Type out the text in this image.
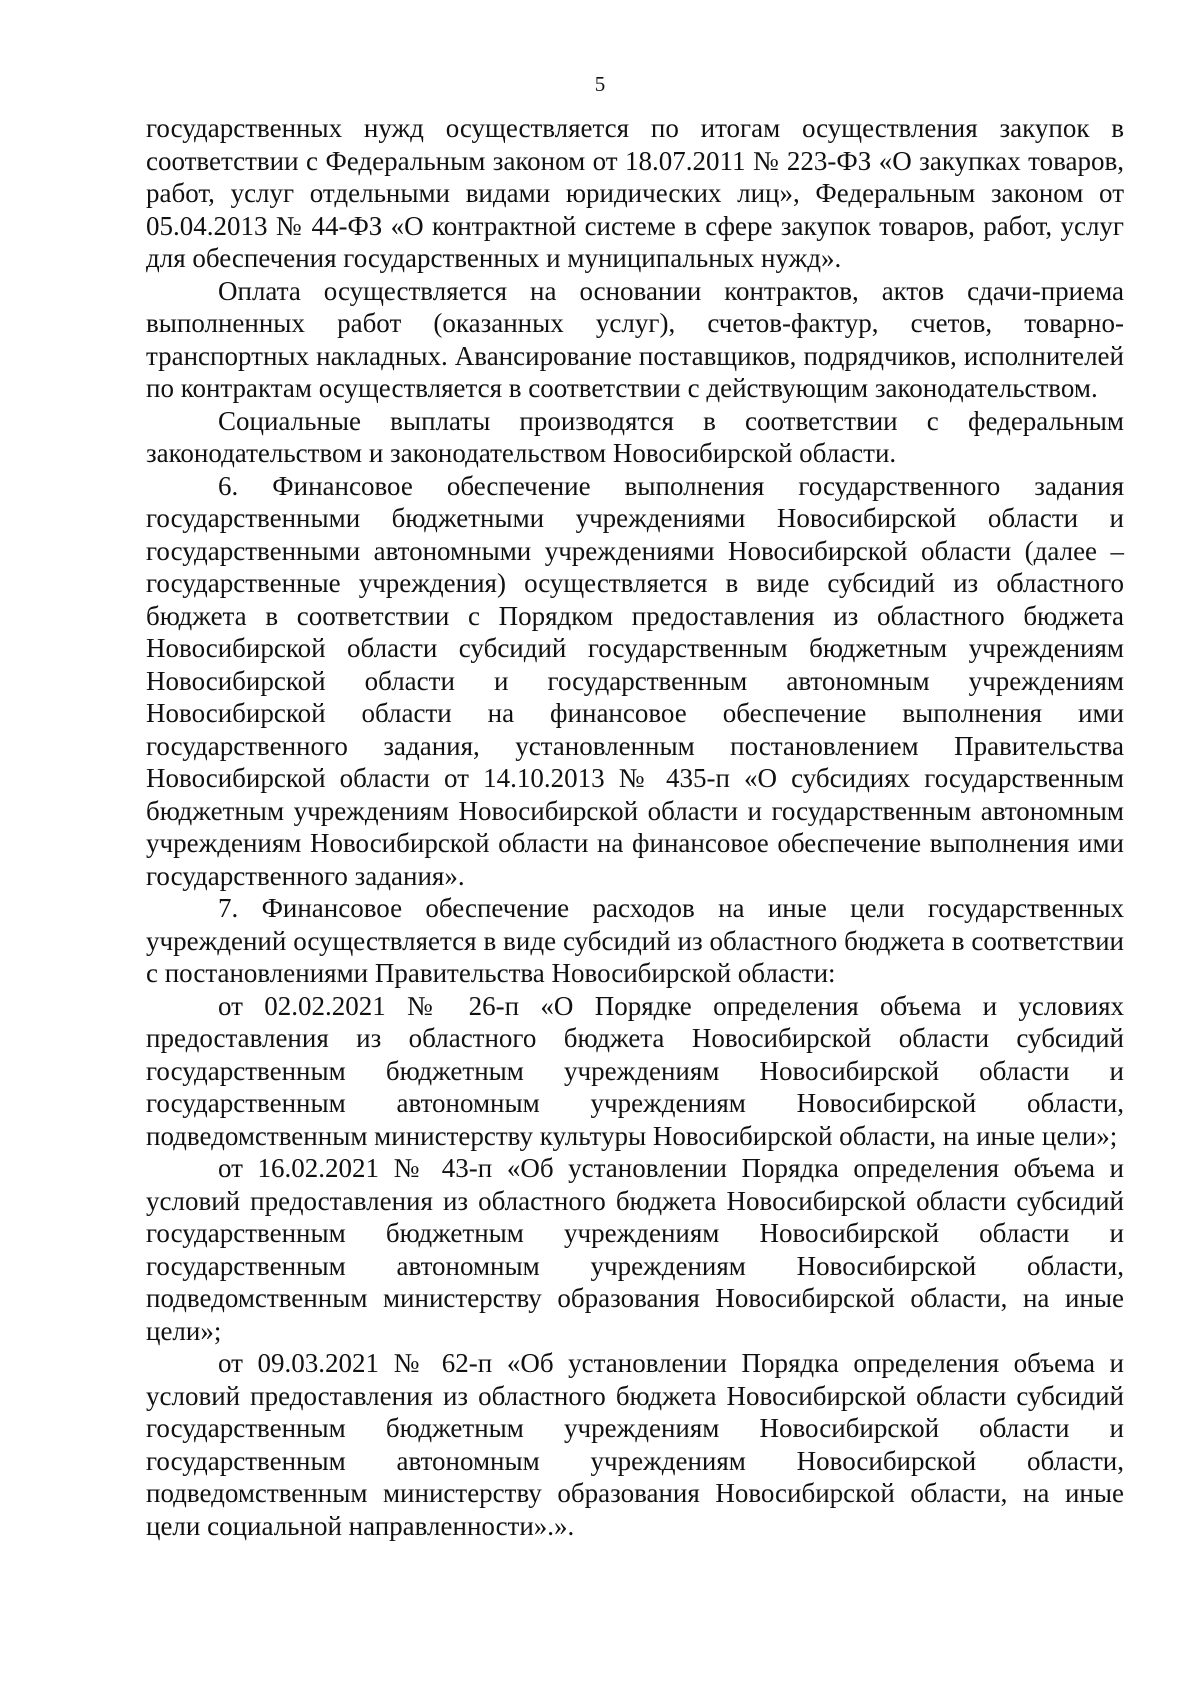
5

государственных нужд осуществляется по итогам осуществления закупок в соответствии с Федеральным законом от 18.07.2011 № 223-ФЗ «О закупках товаров, работ, услуг отдельными видами юридических лиц», Федеральным законом от 05.04.2013 № 44-ФЗ «О контрактной системе в сфере закупок товаров, работ, услуг для обеспечения государственных и муниципальных нужд».

Оплата осуществляется на основании контрактов, актов сдачи-приема выполненных работ (оказанных услуг), счетов-фактур, счетов, товарно-транспортных накладных. Авансирование поставщиков, подрядчиков, исполнителей по контрактам осуществляется в соответствии с действующим законодательством.

Социальные выплаты производятся в соответствии с федеральным законодательством и законодательством Новосибирской области.

6. Финансовое обеспечение выполнения государственного задания государственными бюджетными учреждениями Новосибирской области и государственными автономными учреждениями Новосибирской области (далее – государственные учреждения) осуществляется в виде субсидий из областного бюджета в соответствии с Порядком предоставления из областного бюджета Новосибирской области субсидий государственным бюджетным учреждениям Новосибирской области и государственным автономным учреждениям Новосибирской области на финансовое обеспечение выполнения ими государственного задания, установленным постановлением Правительства Новосибирской области от 14.10.2013 № 435-п «О субсидиях государственным бюджетным учреждениям Новосибирской области и государственным автономным учреждениям Новосибирской области на финансовое обеспечение выполнения ими государственного задания».

7. Финансовое обеспечение расходов на иные цели государственных учреждений осуществляется в виде субсидий из областного бюджета в соответствии с постановлениями Правительства Новосибирской области:

от 02.02.2021 № 26-п «О Порядке определения объема и условиях предоставления из областного бюджета Новосибирской области субсидий государственным бюджетным учреждениям Новосибирской области и государственным автономным учреждениям Новосибирской области, подведомственным министерству культуры Новосибирской области, на иные цели»;

от 16.02.2021 № 43-п «Об установлении Порядка определения объема и условий предоставления из областного бюджета Новосибирской области субсидий государственным бюджетным учреждениям Новосибирской области и государственным автономным учреждениям Новосибирской области, подведомственным министерству образования Новосибирской области, на иные цели»;

от 09.03.2021 № 62-п «Об установлении Порядка определения объема и условий предоставления из областного бюджета Новосибирской области субсидий государственным бюджетным учреждениям Новосибирской области и государственным автономным учреждениям Новосибирской области, подведомственным министерству образования Новосибирской области, на иные цели социальной направленности».».
